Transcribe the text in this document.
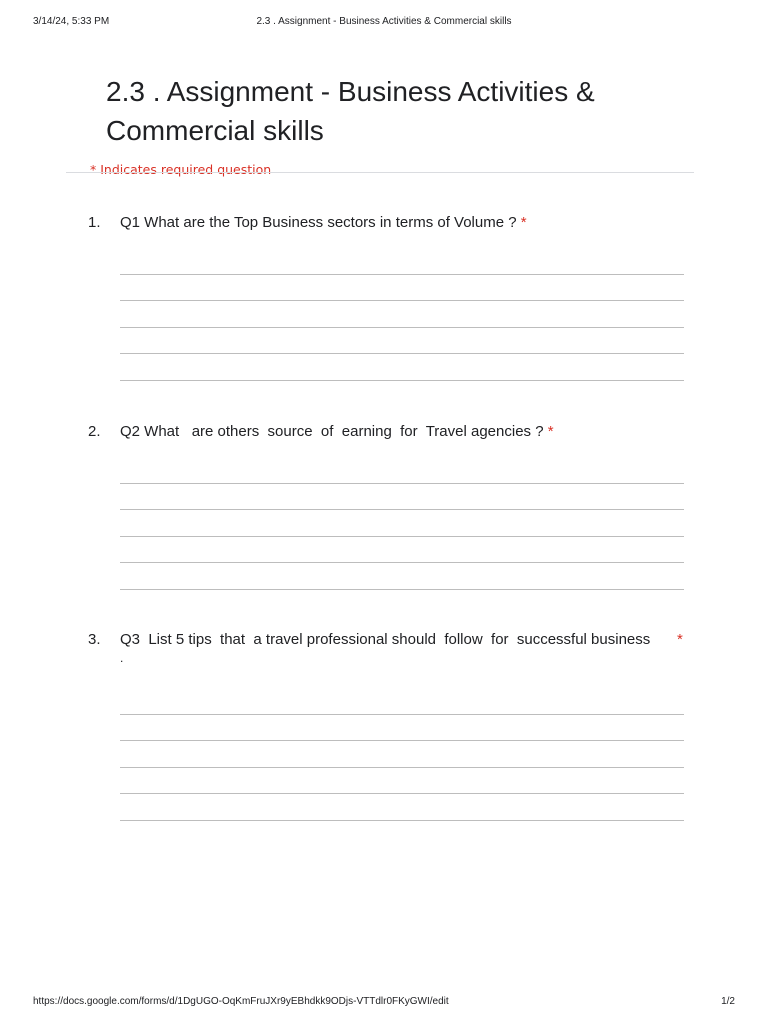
3/14/24, 5:33 PM	2.3 . Assignment - Business Activities & Commercial skills
2.3 . Assignment - Business Activities &
Commercial skills
* Indicates required question
1. Q1 What are the Top Business sectors in terms of Volume ? *
2. Q2 What   are others  source  of  earning  for  Travel agencies ? *
3. Q3  List 5 tips  that  a travel professional should  follow  for  successful business *
.
https://docs.google.com/forms/d/1DgUGO-OqKmFruJXr9yEBhdkk9ODjs-VTTdlr0FKyGWI/edit	1/2
